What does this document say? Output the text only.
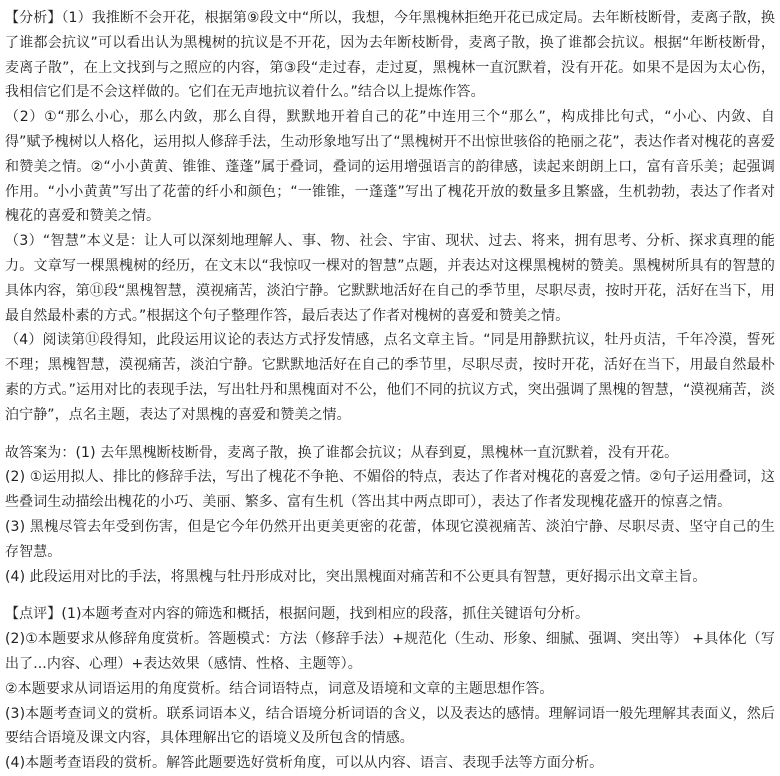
【分析】（1）我推断不会开花，根据第⑨段文中“所以，我想，今年黑槐林拒绝开花已成定局。去年断枝断骨，麦离子散，换了谁都会抗议”可以看出认为黑槐树的抗议是不开花，因为去年断枝断骨，麦离子散，换了谁都会抗议。根据“年断枝断骨，麦离子散”，在上文找到与之照应的内容，第③段“走过春，走过夏，黑槐林一直沉默着，没有开花。如果不是因为太心伤，我相信它们是不会这样做的。它们在无声地抗议着什么。”结合以上提炼作答。

（2）①“那么小心，那么内敛，那么自得，默默地开着自己的花”中连用三个“那么”，构成排比句式，“小心、内敛、自得”赋予槐树以人格化，运用拟人修辞手法，生动形象地写出了“黑槐树开不出惊世骇俗的艳丽之花”，表达作者对槐花的喜爱和赞美之情。②“小小黄黄、锥锥、蓬蓬”属于叠词，叠词的运用增强语言的韵律感，读起来朗朗上口，富有音乐美；起强调作用。“小小黄黄”写出了花蕾的纤小和颜色；“一锥锥，一蓬蓬”写出了槐花开放的数量多且繁盛，生机勃勃，表达了作者对槐花的喜爱和赞美之情。

（3）“智慧”本义是：让人可以深刻地理解人、事、物、社会、宇宙、现状、过去、将来，拥有思考、分析、探求真理的能力。文章写一棵黑槐树的经历，在文末以“我惊叹一棵对的智慧”点题，并表达对这棵黑槐树的赞美。黑槐树所具有的智慧的具体内容，第⑪段“黑槐智慧，漠视痛苦，淡泊宁静。它默默地活好在自己的季节里，尽职尽责，按时开花，活好在当下，用最自然最朴素的方式。”根据这个句子整理作答，最后表达了作者对槐树的喜爱和赞美之情。

（4）阅读第⑪段得知，此段运用议论的表达方式抒发情感，点名文章主旨。“同是用静默抗议，牡丹贞洁，千年冷漠，誓死不理；黑槐智慧，漠视痛苦，淡泊宁静。它默默地活好在自己的季节里，尽职尽责，按时开花，活好在当下，用最自然最朴素的方式。”运用对比的表现手法，写出牡丹和黑槐面对不公，他们不同的抗议方式，突出强调了黑槐的智慧，“漠视痛苦，淡泊宁静”，点名主题，表达了对黑槐的喜爱和赞美之情。

故答案为：(1) 去年黑槐断枝断骨，麦离子散，换了谁都会抗议；从春到夏，黑槐林一直沉默着，没有开花。

(2) ①运用拟人、排比的修辞手法，写出了槐花不争艳、不媚俗的特点，表达了作者对槐花的喜爱之情。②句子运用叠词，这些叠词生动描绘出槐花的小巧、美丽、繁多、富有生机（答出其中两点即可），表达了作者发现槐花盛开的惊喜之情。

(3) 黑槐尽管去年受到伤害，但是它今年仍然开出更美更密的花蕾，体现它漠视痛苦、淡泊宁静、尽职尽责、坚守自己的生存智慧。

(4) 此段运用对比的手法，将黑槐与牡丹形成对比，突出黑槐面对痛苦和不公更具有智慧，更好揭示出文章主旨。

【点评】(1)本题考查对内容的筛选和概括，根据问题，找到相应的段落，抓住关键语句分析。

(2)①本题要求从修辞角度赏析。答题模式：方法（修辞手法）+规范化（生动、形象、细腻、强调、突出等） +具体化（写出了...内容、心理）+表达效果（感情、性格、主题等）。

②本题要求从词语运用的角度赏析。结合词语特点，词意及语境和文章的主题思想作答。

(3)本题考查词义的赏析。联系词语本义，结合语境分析词语的含义，以及表达的感情。理解词语一般先理解其表面义，然后要结合语境及课文内容，具体理解出它的语境义及所包含的情感。

(4)本题考查语段的赏析。解答此题要选好赏析角度，可以从内容、语言、表现手法等方面分析。
